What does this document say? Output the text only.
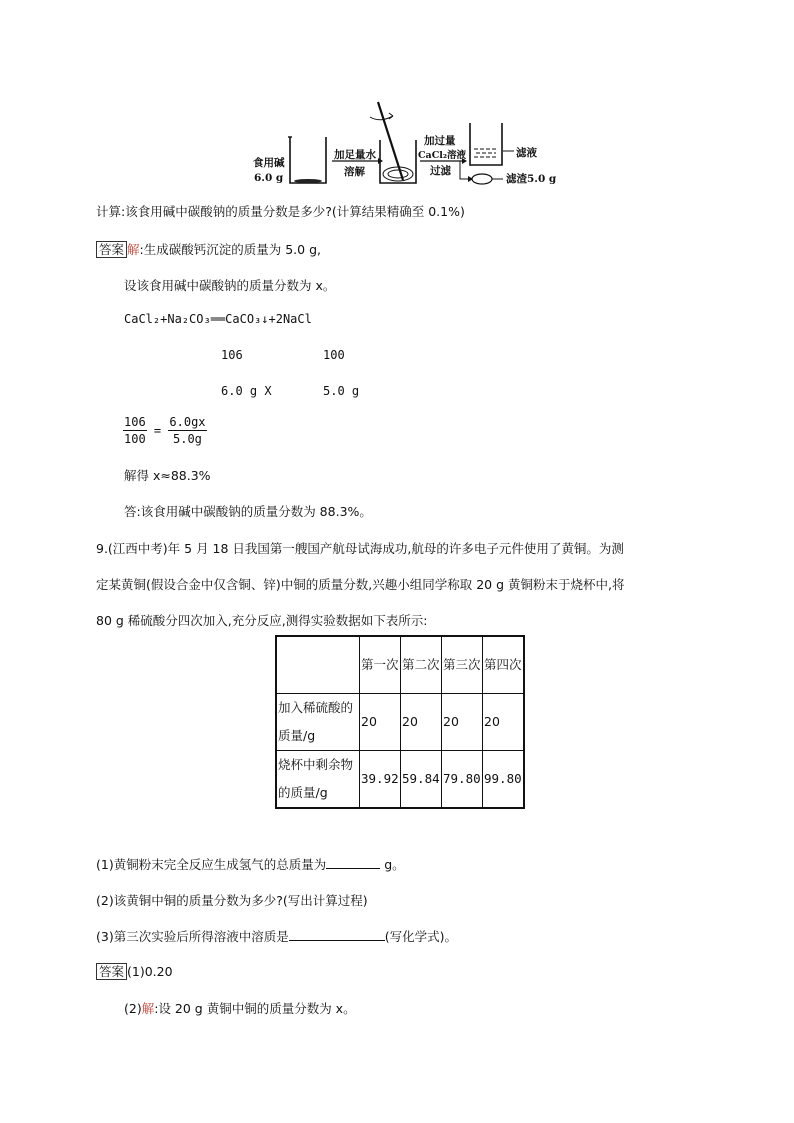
食用碱
6.0 g
加足量水
溶解
加过量
CaCl₂溶液
过滤
滤液
滤渣5.0 g
计算:该食用碱中碳酸钠的质量分数是多少?(计算结果精确至 0.1%)
答案 解:生成碳酸钙沉淀的质量为 5.0 g,
设该食用碱中碳酸钠的质量分数为 x。
CaCl₂+Na₂CO₃══CaCO₃↓+2NaCl
106	100
6.0 g X	5.0 g
$\frac{106}{100} = \frac{6.0gx}{5.0g}$
解得 x≈88.3%
答:该食用碱中碳酸钠的质量分数为 88.3%。
9.(江西中考)年 5 月 18 日我国第一艘国产航母试海成功,航母的许多电子元件使用了黄铜。为测
定某黄铜(假设合金中仅含铜、锌)中铜的质量分数,兴趣小组同学称取 20 g 黄铜粉末于烧杯中,将
80 g 稀硫酸分四次加入,充分反应,测得实验数据如下表所示:
	第一次	第二次	第三次	第四次
加入稀硫酸的质量/g	20	20	20	20
烧杯中剩余物的质量/g	39.92	59.84	79.80	99.80
(1)黄铜粉末完全反应生成氢气的总质量为	g。
(2)该黄铜中铜的质量分数为多少?(写出计算过程)
(3)第三次实验后所得溶液中溶质是	(写化学式)。
答案 (1)0.20
(2)解:设 20 g 黄铜中铜的质量分数为 x。
